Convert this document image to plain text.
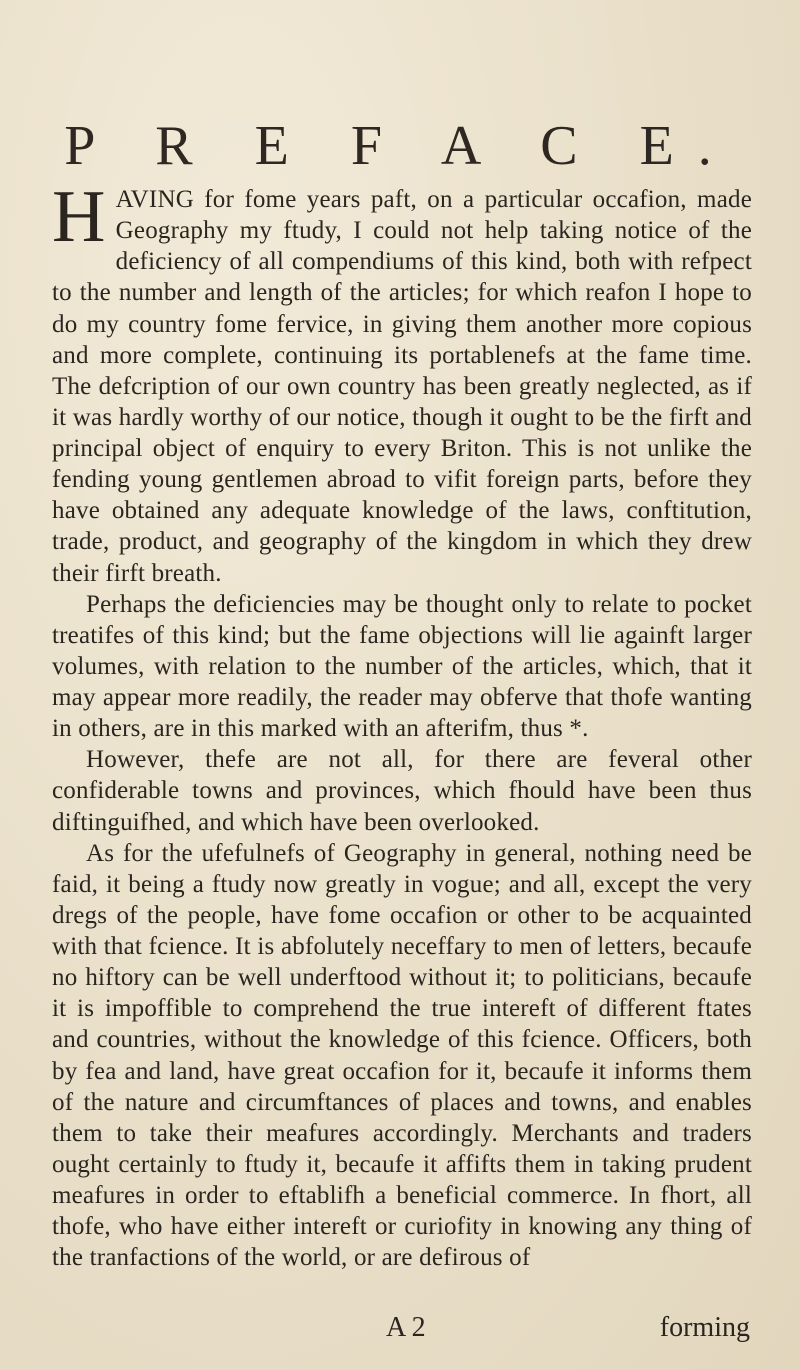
P R E F A C E.

HAVING for fome years paft, on a particular occafion, made Geography my ftudy, I could not help taking notice of the deficiency of all compendiums of this kind, both with refpect to the number and length of the articles; for which reafon I hope to do my country fome fervice, in giving them another more copious and more complete, continuing its portablenefs at the fame time. The defcription of our own country has been greatly neglected, as if it was hardly worthy of our notice, though it ought to be the firft and principal object of enquiry to every Briton. This is not unlike the fending young gentlemen abroad to vifit foreign parts, before they have obtained any adequate knowledge of the laws, conftitution, trade, product, and geography of the kingdom in which they drew their firft breath.

Perhaps the deficiencies may be thought only to relate to pocket treatifes of this kind; but the fame objections will lie againft larger volumes, with relation to the number of the articles, which, that it may appear more readily, the reader may obferve that thofe wanting in others, are in this marked with an afterifm, thus *.

However, thefe are not all, for there are feveral other confiderable towns and provinces, which fhould have been thus diftinguifhed, and which have been overlooked.

As for the ufefulnefs of Geography in general, nothing need be faid, it being a ftudy now greatly in vogue; and all, except the very dregs of the people, have fome occafion or other to be acquainted with that fcience. It is abfolutely neceffary to men of letters, becaufe no hiftory can be well underftood without it; to politicians, becaufe it is impoffible to comprehend the true intereft of different ftates and countries, without the knowledge of this fcience. Officers, both by fea and land, have great occafion for it, becaufe it informs them of the nature and circumftances of places and towns, and enables them to take their meafures accordingly. Merchants and traders ought certainly to ftudy it, becaufe it affifts them in taking prudent meafures in order to eftablifh a beneficial commerce. In fhort, all thofe, who have either intereft or curiofity in knowing any thing of the tranfactions of the world, or are defirous of

A 2	forming
